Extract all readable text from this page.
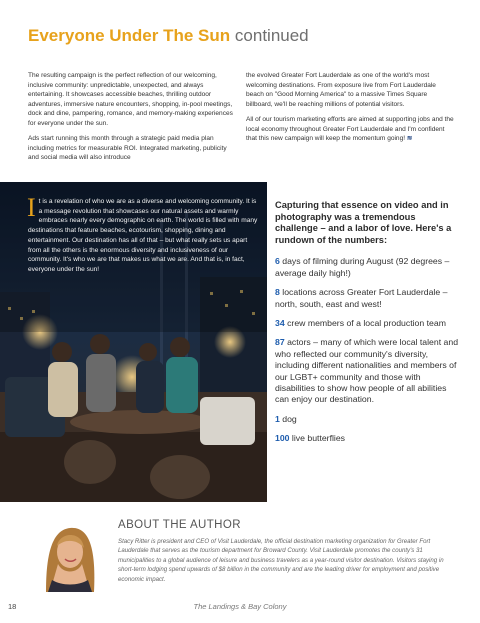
Everyone Under The Sun continued

The resulting campaign is the perfect reflection of our welcoming, inclusive community: unpredictable, unexpected, and always entertaining. It showcases accessible beaches, thrilling outdoor adventures, immersive nature encounters, shopping, in-pool meetings, dock and dine, pampering, romance, and memory-making experiences for everyone under the sun.

Ads start running this month through a strategic paid media plan including metrics for measurable ROI. Integrated marketing, publicity and social media will also introduce

the evolved Greater Fort Lauderdale as one of the world's most welcoming destinations. From exposure live from Fort Lauderdale beach on "Good Morning America" to a massive Times Square billboard, we'll be reaching millions of potential visitors.

All of our tourism marketing efforts are aimed at supporting jobs and the local economy throughout Greater Fort Lauderdale and I'm confident that this new campaign will keep the momentum going! ≋

It is a revelation of who we are as a diverse and welcoming community. It is a message revolution that showcases our natural assets and warmly embraces nearly every demographic on earth. The world is filled with many destinations that feature beaches, ecotourism, shopping, dining and entertainment. Our destination has all of that – but what really sets us apart from all the others is the enormous diversity and inclusiveness of our community. It's who we are that makes us what we are. And that is, in fact, everyone under the sun!

Capturing that essence on video and in photography was a tremendous challenge – and a labor of love. Here's a rundown of the numbers:

6 days of filming during August (92 degrees – average daily high!)

8 locations across Greater Fort Lauderdale – north, south, east and west!

34 crew members of a local production team

87 actors – many of which were local talent and who reflected our community's diversity, including different nationalities and members of our LGBT+ community and those with disabilities to show how people of all abilities can enjoy our destination.

1 dog

100 live butterflies

ABOUT THE AUTHOR
Stacy Ritter is president and CEO of Visit Lauderdale, the official destination marketing organization for Greater Fort Lauderdale that serves as the tourism department for Broward County. Visit Lauderdale promotes the county's 31 municipalities to a global audience of leisure and business travelers as a year-round visitor destination. Visitors staying in short-term lodging spend upwards of $8 billion in the community and are the leading driver for employment and positive economic impact.
The Landings & Bay Colony
18
